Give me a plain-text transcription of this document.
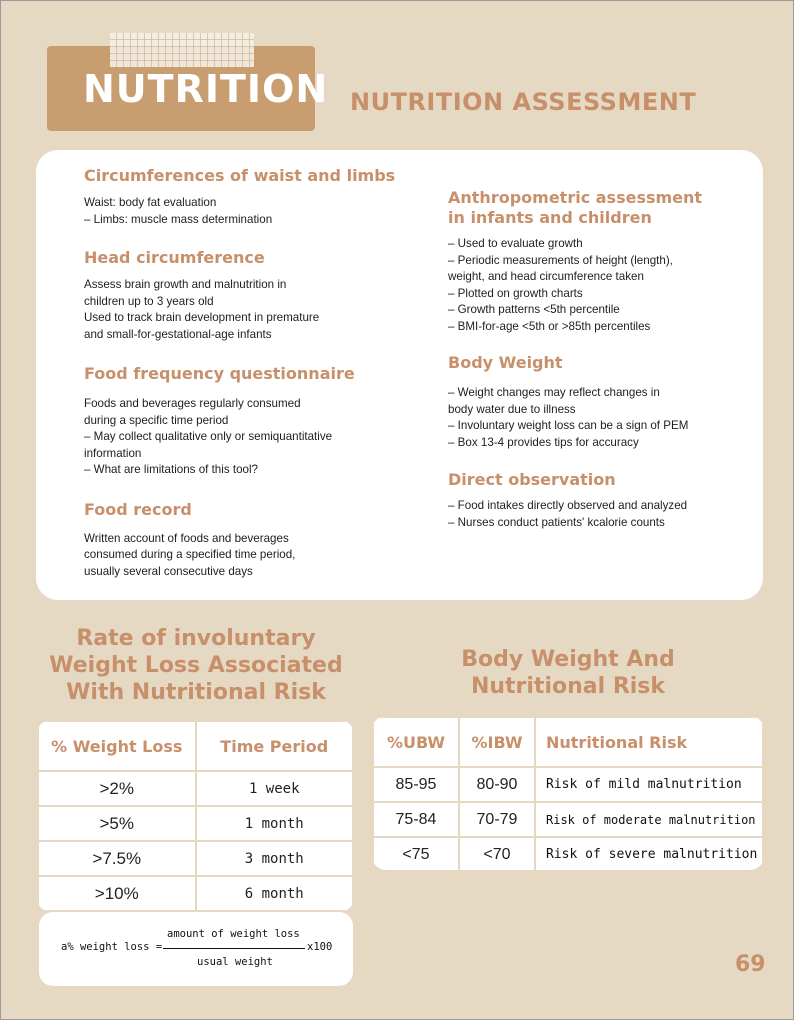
NUTRITION NUTRITION ASSESSMENT
Circumferences of waist and limbs
Waist: body fat evaluation
– Limbs: muscle mass determination
Head circumference
Assess brain growth and malnutrition in
children up to 3 years old
Used to track brain development in premature
and small-for-gestational-age infants
Food frequency questionnaire
Foods and beverages regularly consumed
during a specific time period
– May collect qualitative only or semiquantitative
information
– What are limitations of this tool?
Food record
Written account of foods and beverages
consumed during a specified time period,
usually several consecutive days
Anthropometric assessment
in infants and children
– Used to evaluate growth
– Periodic measurements of height (length),
weight, and head circumference taken
– Plotted on growth charts
– Growth patterns <5th percentile
– BMI-for-age <5th or >85th percentiles
Body Weight
– Weight changes may reflect changes in
body water due to illness
– Involuntary weight loss can be a sign of PEM
– Box 13-4 provides tips for accuracy
Direct observation
– Food intakes directly observed and analyzed
– Nurses conduct patients' kcalorie counts
Rate of involuntary
Weight Loss Associated
With Nutritional Risk
% Weight Loss	Time Period
>2%	1 week
>5%	1 month
>7.5%	3 month
>10%	6 month
a% weight loss =
amount of weight loss
usual weight
x100
Body Weight And
Nutritional Risk
%UBW	%IBW	Nutritional Risk
85-95	80-90	Risk of mild malnutrition
75-84	70-79	Risk of moderate malnutrition
<75	<70	Risk of severe malnutrition
69
